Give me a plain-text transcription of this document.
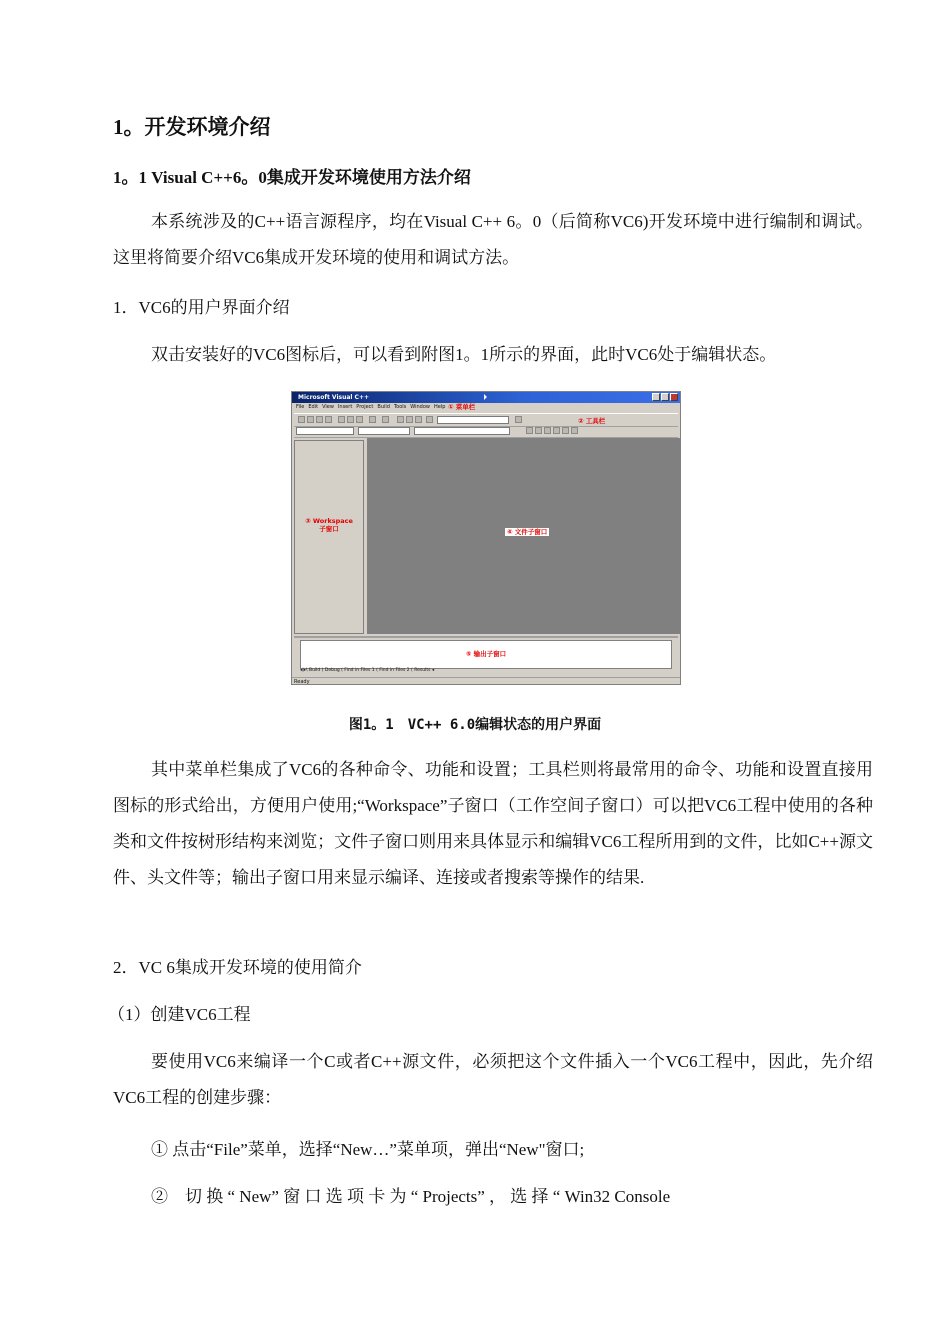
1。开发环境介绍
1。1 Visual C++6。0集成开发环境使用方法介绍

本系统涉及的C++语言源程序，均在Visual C++ 6。0（后简称VC6)开发环境中进行编制和调试。这里将简要介绍VC6集成开发环境的使用和调试方法。

1．VC6的用户界面介绍

双击安装好的VC6图标后，可以看到附图1。1所示的界面，此时VC6处于编辑状态。

Microsoft Visual C++
File Edit View Insert Project Build Tools Window Help ① 菜单栏
② 工具栏
③ Workspace
子窗口	④ 文件子窗口
⑤ 输出子窗口
◂|▸\ Build ( Debug ( Find in Files 1 ( Find in Files 2 ( Results ◂
Ready
图1。1　VC++ 6.0编辑状态的用户界面

其中菜单栏集成了VC6的各种命令、功能和设置；工具栏则将最常用的命令、功能和设置直接用图标的形式给出，方便用户使用;“Workspace”子窗口（工作空间子窗口）可以把VC6工程中使用的各种类和文件按树形结构来浏览；文件子窗口则用来具体显示和编辑VC6工程所用到的文件，比如C++源文件、头文件等；输出子窗口用来显示编译、连接或者搜索等操作的结果.

2．VC 6集成开发环境的使用简介

（1）创建VC6工程

要使用VC6来编译一个C或者C++源文件，必须把这个文件插入一个VC6工程中，因此，先介绍VC6工程的创建步骤：

① 点击“File”菜单，选择“New…”菜单项，弹出“New"窗口;

②　切 换 “ New” 窗 口 选 项 卡 为 “ Projects” ， 选 择 “ Win32 Console
